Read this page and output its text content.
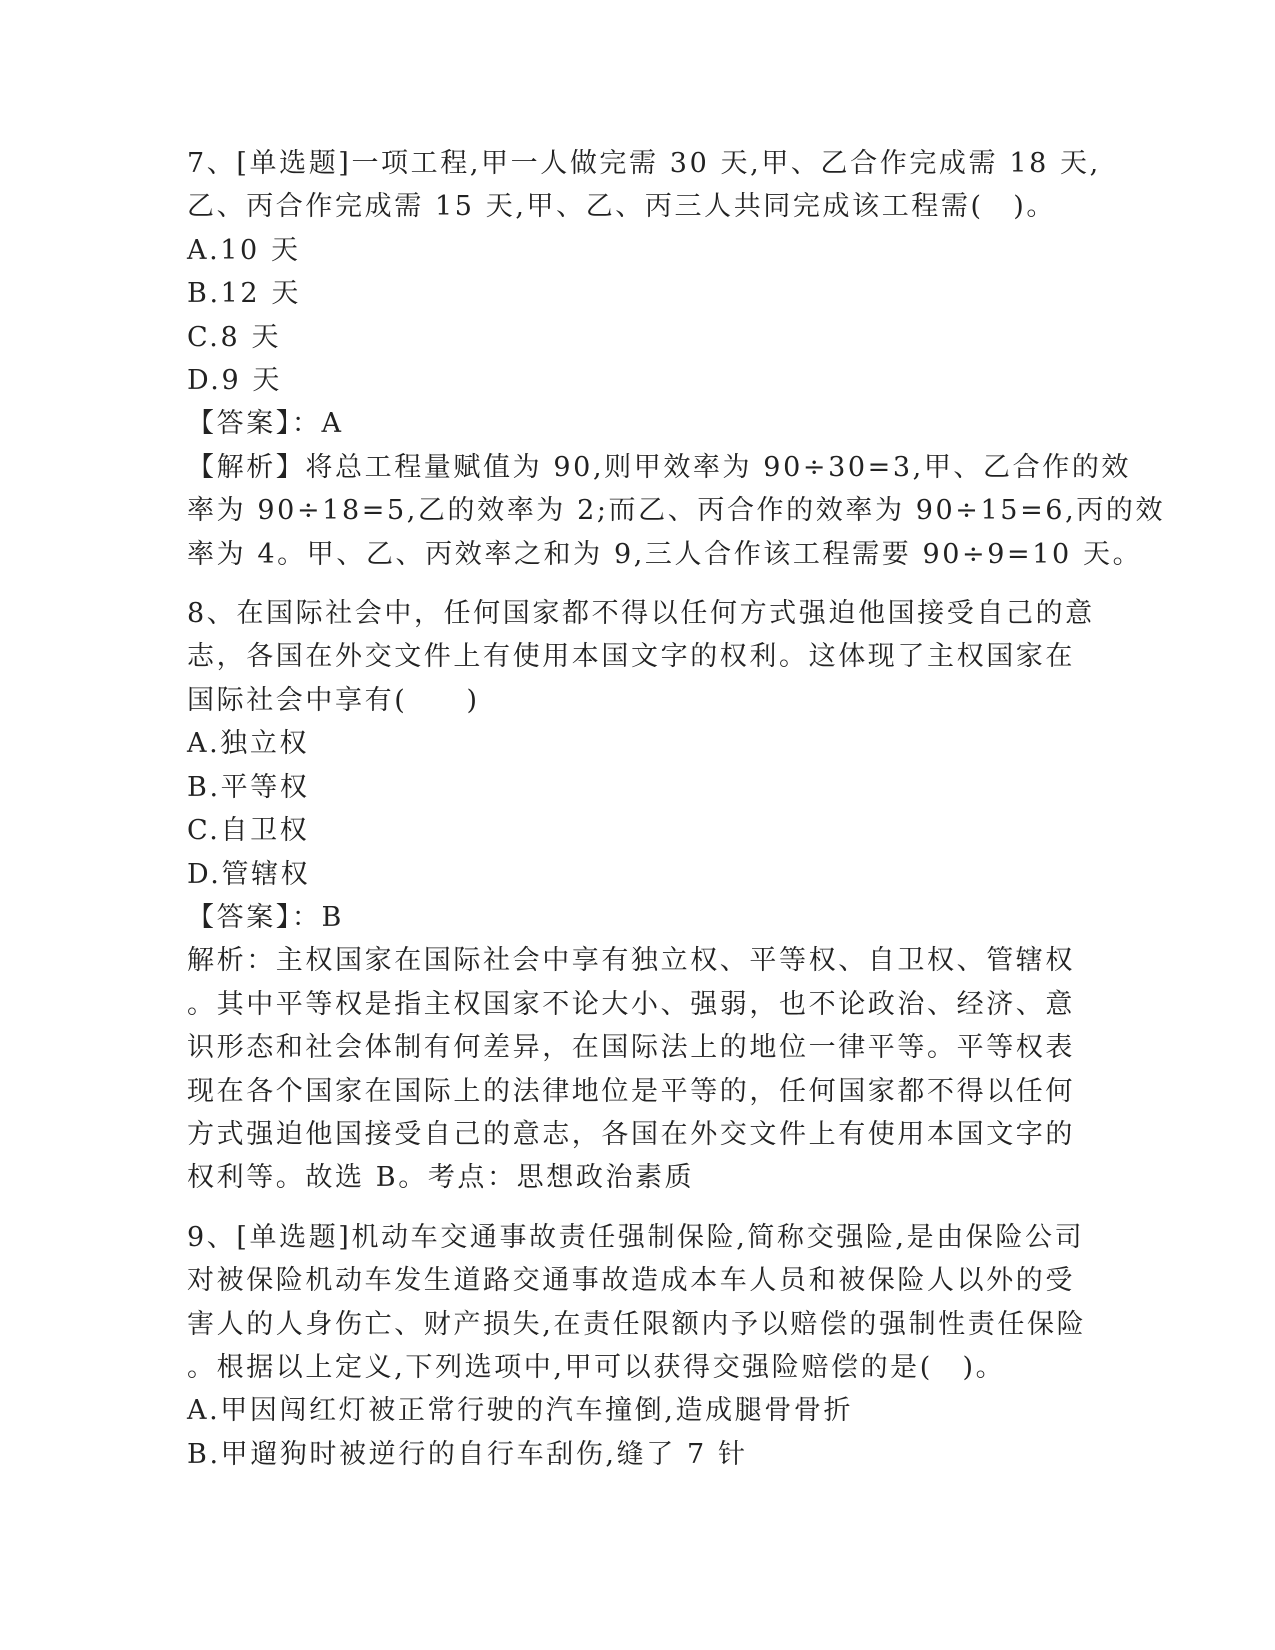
7、[单选题]一项工程,甲一人做完需 30 天,甲、乙合作完成需 18 天,
乙、丙合作完成需 15 天,甲、乙、丙三人共同完成该工程需(　)。
A.10 天
B.12 天
C.8 天
D.9 天
【答案】：A
【解析】将总工程量赋值为 90,则甲效率为 90÷30=3,甲、乙合作的效
率为 90÷18=5,乙的效率为 2;而乙、丙合作的效率为 90÷15=6,丙的效
率为 4。甲、乙、丙效率之和为 9,三人合作该工程需要 90÷9=10 天。
8、在国际社会中，任何国家都不得以任何方式强迫他国接受自己的意
志，各国在外交文件上有使用本国文字的权利。这体现了主权国家在
国际社会中享有(　　)
A.独立权
B.平等权
C.自卫权
D.管辖权
【答案】：B
解析：主权国家在国际社会中享有独立权、平等权、自卫权、管辖权
。其中平等权是指主权国家不论大小、强弱，也不论政治、经济、意
识形态和社会体制有何差异，在国际法上的地位一律平等。平等权表
现在各个国家在国际上的法律地位是平等的，任何国家都不得以任何
方式强迫他国接受自己的意志，各国在外交文件上有使用本国文字的
权利等。故选 B。考点：思想政治素质
9、[单选题]机动车交通事故责任强制保险,简称交强险,是由保险公司
对被保险机动车发生道路交通事故造成本车人员和被保险人以外的受
害人的人身伤亡、财产损失,在责任限额内予以赔偿的强制性责任保险
。根据以上定义,下列选项中,甲可以获得交强险赔偿的是(　)。
A.甲因闯红灯被正常行驶的汽车撞倒,造成腿骨骨折
B.甲遛狗时被逆行的自行车刮伤,缝了 7 针
